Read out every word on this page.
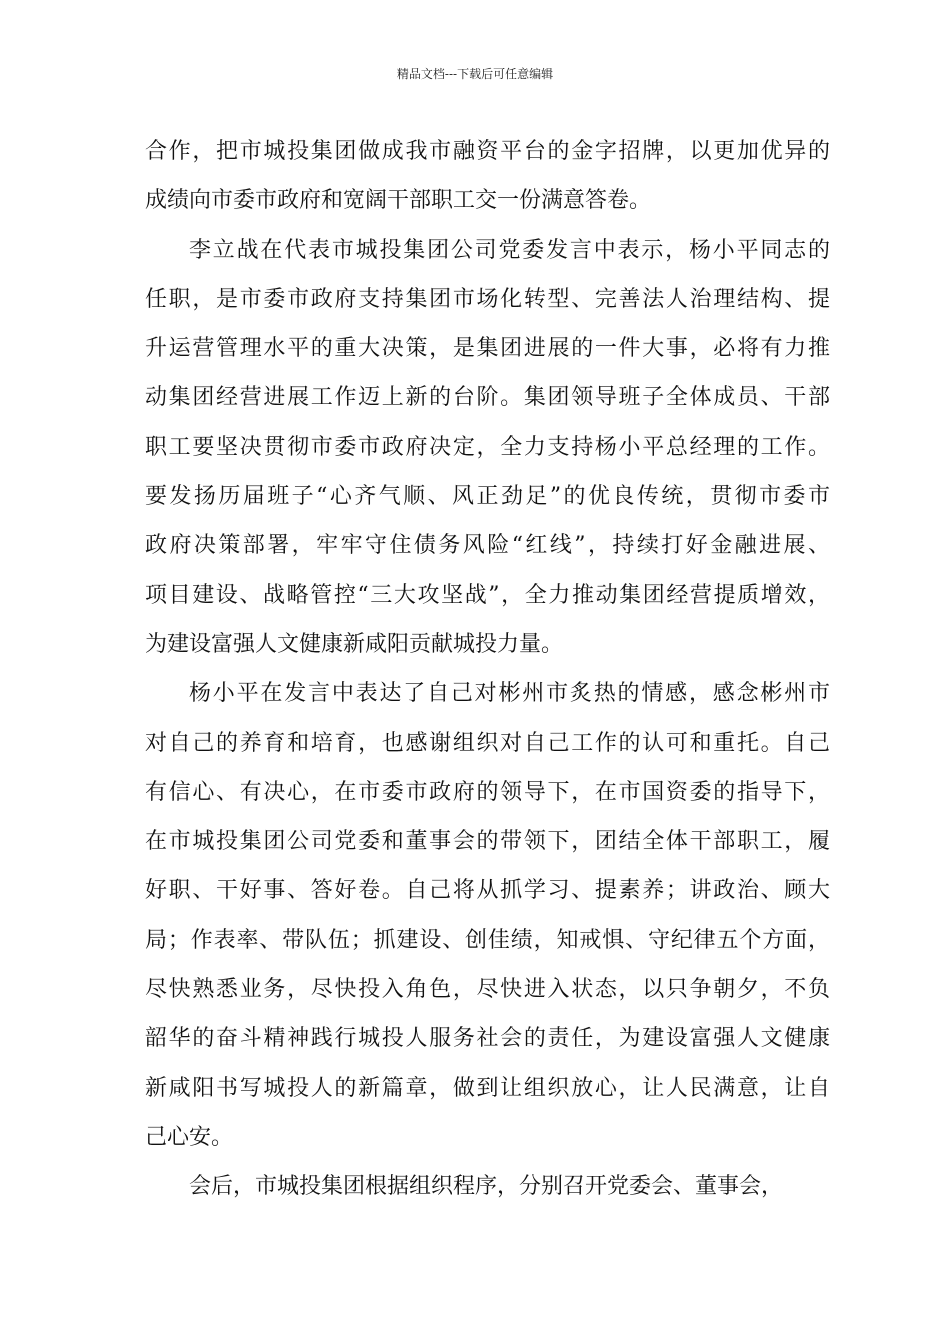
精品文档---下载后可任意编辑
合作，把市城投集团做成我市融资平台的金字招牌，以更加优异的
成绩向市委市政府和宽阔干部职工交一份满意答卷。
李立战在代表市城投集团公司党委发言中表示，杨小平同志的
任职，是市委市政府支持集团市场化转型、完善法人治理结构、提
升运营管理水平的重大决策，是集团进展的一件大事，必将有力推
动集团经营进展工作迈上新的台阶。集团领导班子全体成员、干部
职工要坚决贯彻市委市政府决定，全力支持杨小平总经理的工作。
要发扬历届班子“心齐气顺、风正劲足”的优良传统，贯彻市委市
政府决策部署，牢牢守住债务风险“红线”，持续打好金融进展、
项目建设、战略管控“三大攻坚战”，全力推动集团经营提质增效，
为建设富强人文健康新咸阳贡献城投力量。
杨小平在发言中表达了自己对彬州市炙热的情感，感念彬州市
对自己的养育和培育，也感谢组织对自己工作的认可和重托。自己
有信心、有决心，在市委市政府的领导下，在市国资委的指导下，
在市城投集团公司党委和董事会的带领下，团结全体干部职工，履
好职、干好事、答好卷。自己将从抓学习、提素养；讲政治、顾大
局；作表率、带队伍；抓建设、创佳绩，知戒惧、守纪律五个方面，
尽快熟悉业务，尽快投入角色，尽快进入状态，以只争朝夕，不负
韶华的奋斗精神践行城投人服务社会的责任，为建设富强人文健康
新咸阳书写城投人的新篇章，做到让组织放心，让人民满意，让自
己心安。
会后，市城投集团根据组织程序，分别召开党委会、董事会，
